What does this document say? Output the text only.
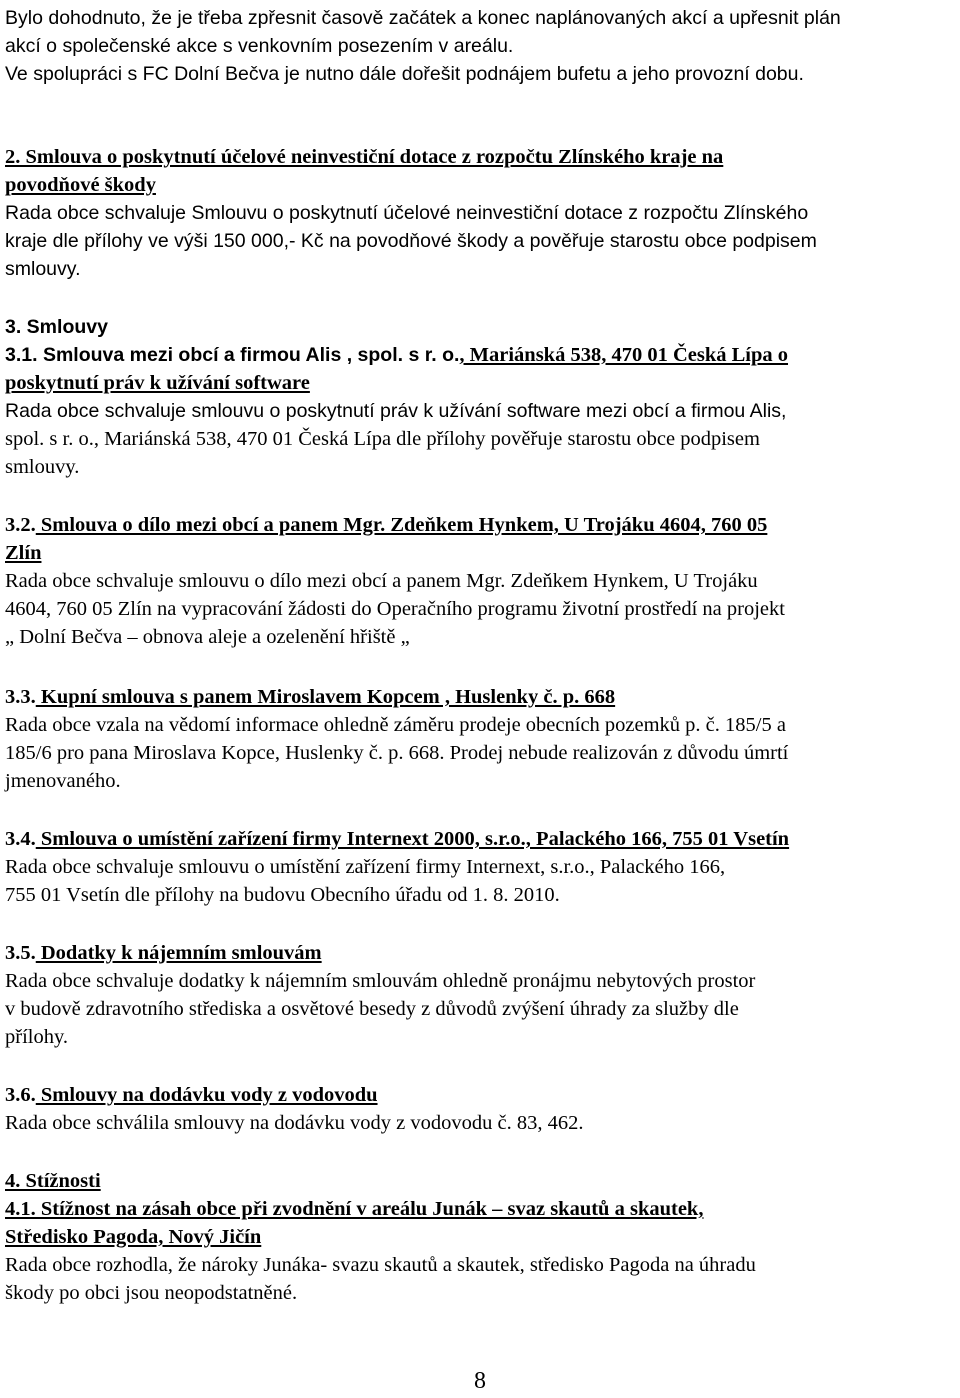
Bylo dohodnuto, že je třeba zpřesnit časově začátek a konec naplánovaných akcí a upřesnit plán
akcí o společenské akce s venkovním posezením v areálu.
Ve spolupráci s FC Dolní Bečva je nutno dále dořešit podnájem bufetu a jeho provozní dobu.
2. Smlouva o poskytnutí účelové neinvestiční dotace z rozpočtu Zlínského kraje na
povodňové škody
Rada obce schvaluje Smlouvu o poskytnutí účelové neinvestiční dotace z rozpočtu Zlínského
kraje dle přílohy ve výši 150 000,- Kč na povodňové škody a pověřuje starostu obce podpisem
smlouvy.
3. Smlouvy
3.1. Smlouva mezi obcí a firmou Alis , spol. s r. o., Mariánská 538, 470 01 Česká Lípa o
poskytnutí práv k užívání software
Rada obce schvaluje smlouvu o poskytnutí práv k užívání software mezi obcí a firmou Alis,
spol. s r. o., Mariánská 538, 470 01 Česká Lípa dle přílohy pověřuje starostu obce podpisem
smlouvy.
3.2. Smlouva o dílo mezi obcí a panem Mgr. Zdeňkem Hynkem, U Trojáku 4604, 760 05
Zlín
Rada obce schvaluje smlouvu o dílo mezi obcí a panem Mgr. Zdeňkem Hynkem, U Trojáku
4604, 760 05 Zlín na vypracování žádosti do Operačního programu životní prostředí na projekt
„ Dolní Bečva – obnova aleje a ozelenění hřiště „
3.3. Kupní smlouva s panem Miroslavem Kopcem , Huslenky č. p. 668
Rada obce vzala na vědomí informace ohledně záměru prodeje obecních pozemků p. č. 185/5 a
185/6 pro pana Miroslava Kopce, Huslenky č. p. 668. Prodej nebude realizován z důvodu úmrtí
jmenovaného.
3.4. Smlouva o umístění zařízení firmy Internext 2000, s.r.o., Palackého 166, 755 01 Vsetín
Rada obce schvaluje smlouvu o umístění zařízení firmy Internext, s.r.o., Palackého 166,
755 01 Vsetín dle přílohy na budovu Obecního úřadu od 1. 8. 2010.
3.5. Dodatky k nájemním smlouvám
Rada obce schvaluje dodatky k nájemním smlouvám ohledně pronájmu nebytových prostor
v budově zdravotního střediska a osvětové besedy z důvodů zvýšení úhrady za služby dle
přílohy.
3.6. Smlouvy na dodávku vody z vodovodu
Rada obce schválila smlouvy na dodávku vody z vodovodu č. 83, 462.
4. Stížnosti
4.1. Stížnost na zásah obce při zvodnění v areálu Junák – svaz skautů a skautek,
Středisko Pagoda, Nový Jičín
Rada obce rozhodla, že nároky Junáka- svazu skautů a skautek, středisko Pagoda na úhradu
škody po obci jsou neopodstatněné.
8
